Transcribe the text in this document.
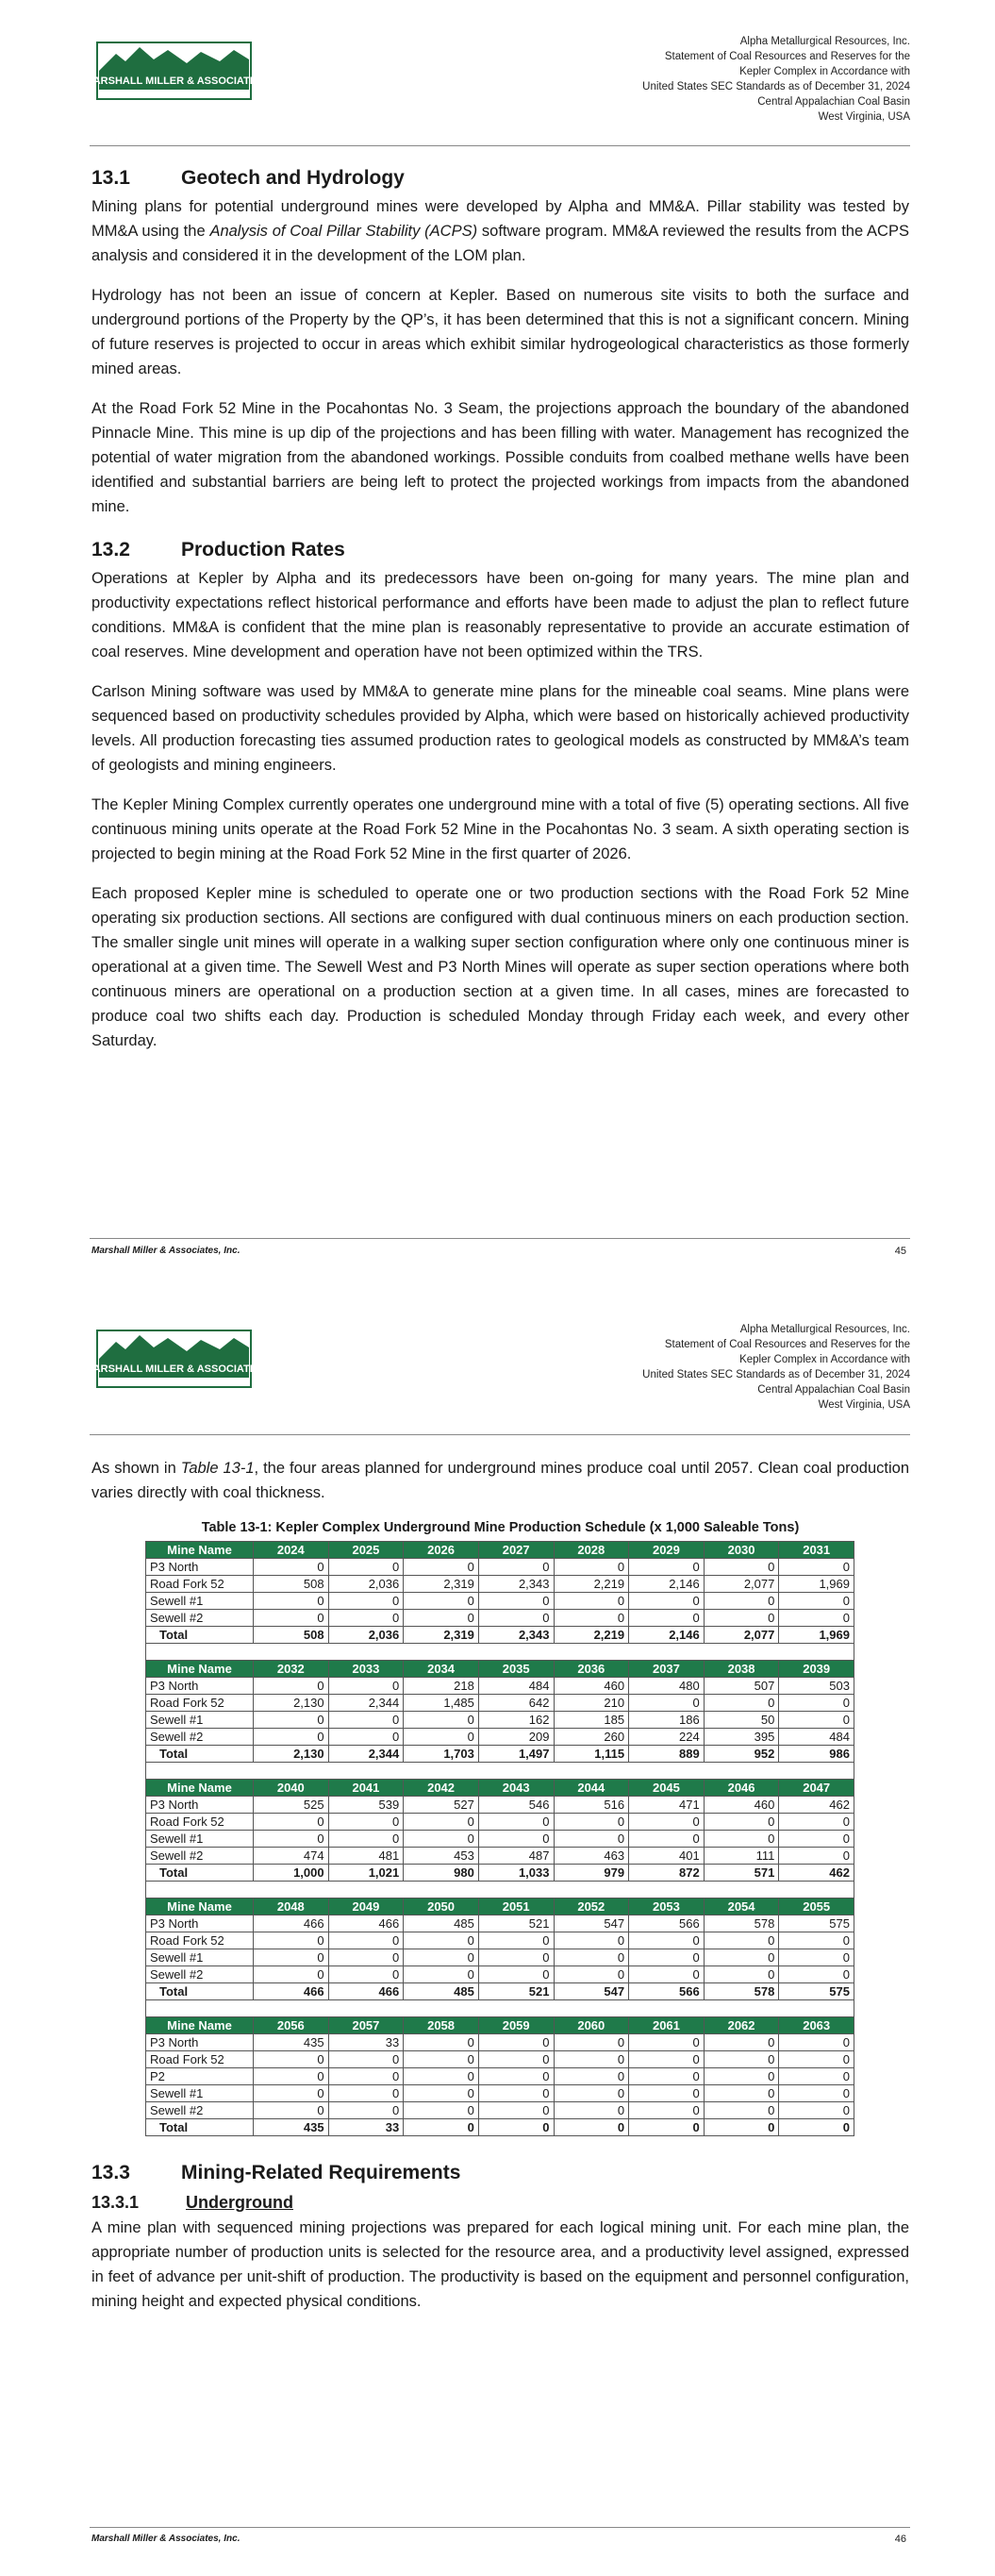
MARSHALL MILLER & ASSOCIATES
Alpha Metallurgical Resources, Inc.
Statement of Coal Resources and Reserves for the
Kepler Complex in Accordance with
United States SEC Standards as of December 31, 2024
Central Appalachian Coal Basin
West Virginia, USA
13.1	Geotech and Hydrology

Mining plans for potential underground mines were developed by Alpha and MM&A. Pillar stability was tested by MM&A using the Analysis of Coal Pillar Stability (ACPS) software program. MM&A reviewed the results from the ACPS analysis and considered it in the development of the LOM plan.

Hydrology has not been an issue of concern at Kepler. Based on numerous site visits to both the surface and underground portions of the Property by the QP’s, it has been determined that this is not a significant concern. Mining of future reserves is projected to occur in areas which exhibit similar hydrogeological characteristics as those formerly mined areas.

At the Road Fork 52 Mine in the Pocahontas No. 3 Seam, the projections approach the boundary of the abandoned Pinnacle Mine. This mine is up dip of the projections and has been filling with water. Management has recognized the potential of water migration from the abandoned workings. Possible conduits from coalbed methane wells have been identified and substantial barriers are being left to protect the projected workings from impacts from the abandoned mine.

13.2	Production Rates

Operations at Kepler by Alpha and its predecessors have been on-going for many years. The mine plan and productivity expectations reflect historical performance and efforts have been made to adjust the plan to reflect future conditions. MM&A is confident that the mine plan is reasonably representative to provide an accurate estimation of coal reserves. Mine development and operation have not been optimized within the TRS.

Carlson Mining software was used by MM&A to generate mine plans for the mineable coal seams. Mine plans were sequenced based on productivity schedules provided by Alpha, which were based on historically achieved productivity levels. All production forecasting ties assumed production rates to geological models as constructed by MM&A’s team of geologists and mining engineers.

The Kepler Mining Complex currently operates one underground mine with a total of five (5) operating sections. All five continuous mining units operate at the Road Fork 52 Mine in the Pocahontas No. 3 seam. A sixth operating section is projected to begin mining at the Road Fork 52 Mine in the first quarter of 2026.

Each proposed Kepler mine is scheduled to operate one or two production sections with the Road Fork 52 Mine operating six production sections. All sections are configured with dual continuous miners on each production section. The smaller single unit mines will operate in a walking super section configuration where only one continuous miner is operational at a given time. The Sewell West and P3 North Mines will operate as super section operations where both continuous miners are operational on a production section at a given time. In all cases, mines are forecasted to produce coal two shifts each day. Production is scheduled Monday through Friday each week, and every other Saturday.

Marshall Miller & Associates, Inc.	45
MARSHALL MILLER & ASSOCIATES
Alpha Metallurgical Resources, Inc.
Statement of Coal Resources and Reserves for the
Kepler Complex in Accordance with
United States SEC Standards as of December 31, 2024
Central Appalachian Coal Basin
West Virginia, USA

As shown in Table 13-1, the four areas planned for underground mines produce coal until 2057. Clean coal production varies directly with coal thickness.

Table 13-1: Kepler Complex Underground Mine Production Schedule (x 1,000 Saleable Tons)
Mine Name	2024	2025	2026	2027	2028	2029	2030	2031
P3 North	0	0	0	0	0	0	0	0
Road Fork 52	508	2,036	2,319	2,343	2,219	2,146	2,077	1,969
Sewell #1	0	0	0	0	0	0	0	0
Sewell #2	0	0	0	0	0	0	0	0
Total	508	2,036	2,319	2,343	2,219	2,146	2,077	1,969

Mine Name	2032	2033	2034	2035	2036	2037	2038	2039
P3 North	0	0	218	484	460	480	507	503
Road Fork 52	2,130	2,344	1,485	642	210	0	0	0
Sewell #1	0	0	0	162	185	186	50	0
Sewell #2	0	0	0	209	260	224	395	484
Total	2,130	2,344	1,703	1,497	1,115	889	952	986

Mine Name	2040	2041	2042	2043	2044	2045	2046	2047
P3 North	525	539	527	546	516	471	460	462
Road Fork 52	0	0	0	0	0	0	0	0
Sewell #1	0	0	0	0	0	0	0	0
Sewell #2	474	481	453	487	463	401	111	0
Total	1,000	1,021	980	1,033	979	872	571	462

Mine Name	2048	2049	2050	2051	2052	2053	2054	2055
P3 North	466	466	485	521	547	566	578	575
Road Fork 52	0	0	0	0	0	0	0	0
Sewell #1	0	0	0	0	0	0	0	0
Sewell #2	0	0	0	0	0	0	0	0
Total	466	466	485	521	547	566	578	575

Mine Name	2056	2057	2058	2059	2060	2061	2062	2063
P3 North	435	33	0	0	0	0	0	0
Road Fork 52	0	0	0	0	0	0	0	0
P2	0	0	0	0	0	0	0	0
Sewell #1	0	0	0	0	0	0	0	0
Sewell #2	0	0	0	0	0	0	0	0
Total	435	33	0	0	0	0	0	0
13.3	Mining-Related Requirements
13.3.1	Underground

A mine plan with sequenced mining projections was prepared for each logical mining unit. For each mine plan, the appropriate number of production units is selected for the resource area, and a productivity level assigned, expressed in feet of advance per unit-shift of production. The productivity is based on the equipment and personnel configuration, mining height and expected physical conditions.

Marshall Miller & Associates, Inc.	46
